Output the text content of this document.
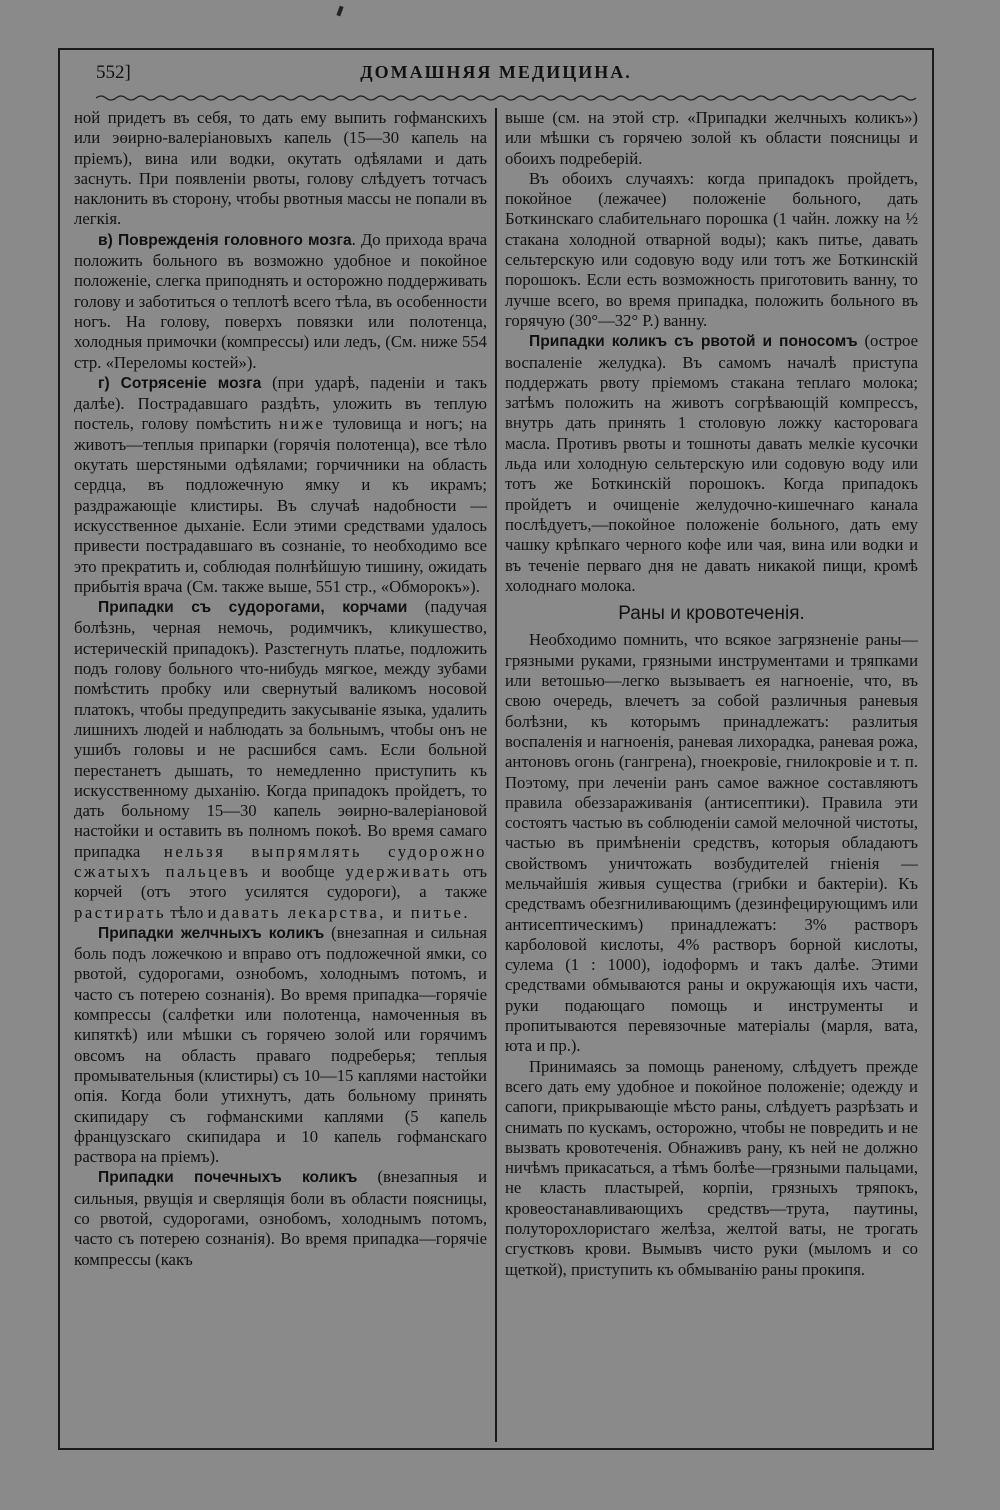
552]	ДОМАШНЯЯ МЕДИЦИНА.

ной придетъ въ себя, то дать ему выпить гофманскихъ или эөирно-валеріановыхъ капель (15—30 капель на пріемъ), вина или водки, окутать одѣялами и дать заснуть. При появленіи рвоты, голову слѣдуетъ тотчасъ наклонить въ сторону, чтобы рвотныя массы не попали въ легкія.

в) Поврежденія головного мозга. До прихода врача положить больного въ возможно удобное и покойное положеніе, слегка приподнять и осторожно поддерживать голову и заботиться о теплотѣ всего тѣла, въ особенности ногъ. На голову, поверхъ повязки или полотенца, холодныя примочки (компрессы) или ледъ, (См. ниже 554 стр. «Переломы костей»).

г) Сотрясеніе мозга (при ударѣ, паденіи и такъ далѣе). Пострадавшаго раздѣть, уложить въ теплую постель, голову помѣстить ниже туловища и ногъ; на животъ—теплыя припарки (горячія полотенца), все тѣло окутать шерстяными одѣялами; горчичники на область сердца, въ подложечную ямку и къ икрамъ; раздражающіе клистиры. Въ случаѣ надобности — искусственное дыханіе. Если этими средствами удалось привести пострадавшаго въ сознаніе, то необходимо все это прекратить и, соблюдая полнѣйшую тишину, ожидать прибытія врача (См. также выше, 551 стр., «Обморокъ»).

Припадки съ судорогами, корчами (падучая болѣзнь, черная немочь, родимчикъ, кликушество, истерическій припадокъ). Разстегнуть платье, подложить подъ голову больного что-нибудь мягкое, между зубами помѣстить пробку или свернутый валикомъ носовой платокъ, чтобы предупредить закусываніе языка, удалить лишнихъ людей и наблюдать за больнымъ, чтобы онъ не ушибъ головы и не расшибся самъ. Если больной перестанетъ дышать, то немедленно приступить къ искусственному дыханію. Когда припадокъ пройдетъ, то дать больному 15—30 капель эөирно-валеріановой настойки и оставить въ полномъ покоѣ. Во время самаго припадка нельзя выпрямлять судорожно сжатыхъ пальцевъ и вообще удерживать отъ корчей (отъ этого усилятся судороги), а также растирать тѣло и давать лекарства, и питье.

Припадки желчныхъ коликъ (внезапная и сильная боль подъ ложечкою и вправо отъ подложечной ямки, со рвотой, судорогами, ознобомъ, холоднымъ потомъ, и часто съ потерею сознанія). Во время припадка—горячіе компрессы (салфетки или полотенца, намоченныя въ кипяткѣ) или мѣшки съ горячею золой или горячимъ овсомъ на область праваго подреберья; теплыя промывательныя (клистиры) съ 10—15 каплями настойки опія. Когда боли утихнутъ, дать больному принять скипидару съ гофманскими каплями (5 капель французскаго скипидара и 10 капель гофманскаго раствора на пріемъ).

Припадки почечныхъ коликъ (внезапныя и сильныя, рвущія и сверлящія боли въ области поясницы, со рвотой, судорогами, ознобомъ, холоднымъ потомъ, часто съ потерею сознанія). Во время припадка—горячіе компрессы (какъ

выше (см. на этой стр. «Припадки желчныхъ коликъ») или мѣшки съ горячею золой къ области поясницы и обоихъ подреберій.

Въ обоихъ случаяхъ: когда припадокъ пройдетъ, покойное (лежачее) положеніе больного, дать Боткинскаго слабительнаго порошка (1 чайн. ложку на ½ стакана холодной отварной воды); какъ питье, давать сельтерскую или содовую воду или тотъ же Боткинскій порошокъ. Если есть возможность приготовить ванну, то лучше всего, во время припадка, положить больного въ горячую (30°—32° Р.) ванну.

Припадки коликъ съ рвотой и поносомъ (острое воспаленіе желудка). Въ самомъ началѣ приступа поддержать рвоту пріемомъ стакана теплаго молока; затѣмъ положить на животъ согрѣвающій компрессъ, внутрь дать принять 1 столовую ложку касторовага масла. Противъ рвоты и тошноты давать мелкіе кусочки льда или холодную сельтерскую или содовую воду или тотъ же Боткинскій порошокъ. Когда припадокъ пройдетъ и очищеніе желудочно-кишечнаго канала послѣдуетъ,—покойное положеніе больного, дать ему чашку крѣпкаго черного кофе или чая, вина или водки и въ теченіе перваго дня не давать никакой пищи, кромѣ холоднаго молока.

Раны и кровотеченія.

Необходимо помнить, что всякое загрязненіе раны—грязными руками, грязными инструментами и тряпками или ветошью—легко вызываетъ ея нагноеніе, что, въ свою очередь, влечетъ за собой различныя раневыя болѣзни, къ которымъ принадлежатъ: разлитыя воспаленія и нагноенія, раневая лихорадка, раневая рожа, антоновъ огонь (гангрена), гноекровіе, гнилокровіе и т. п. Поэтому, при леченіи ранъ самое важное составляютъ правила обеззараживанія (антисептики). Правила эти состоятъ частью въ соблюденіи самой мелочной чистоты, частью въ примѣненіи средствъ, которыя обладаютъ свойствомъ уничтожать возбудителей гніенія — мельчайшія живыя существа (грибки и бактеріи). Къ средствамъ обезгниливающимъ (дезинфецирующимъ или антисептическимъ) принадлежатъ: 3% растворъ карболовой кислоты, 4% растворъ борной кислоты, сулема (1 : 1000), іодоформъ и такъ далѣе. Этими средствами обмываются раны и окружающія ихъ части, руки подающаго помощь и инструменты и пропитываются перевязочные матеріалы (марля, вата, юта и пр.).

Принимаясь за помощь раненому, слѣдуетъ прежде всего дать ему удобное и покойное положеніе; одежду и сапоги, прикрывающіе мѣсто раны, слѣдуетъ разрѣзать и снимать по кускамъ, осторожно, чтобы не повредить и не вызвать кровотеченія. Обнаживъ рану, къ ней не должно ничѣмъ прикасаться, а тѣмъ болѣе—грязными пальцами, не класть пластырей, корпіи, грязныхъ тряпокъ, кровеостанавливающихъ средствъ—трута, паутины, полуторохлористаго желѣза, желтой ваты, не трогать сгустковъ крови. Вымывъ чисто руки (мыломъ и со щеткой), приступить къ обмыванію раны прокипя.
